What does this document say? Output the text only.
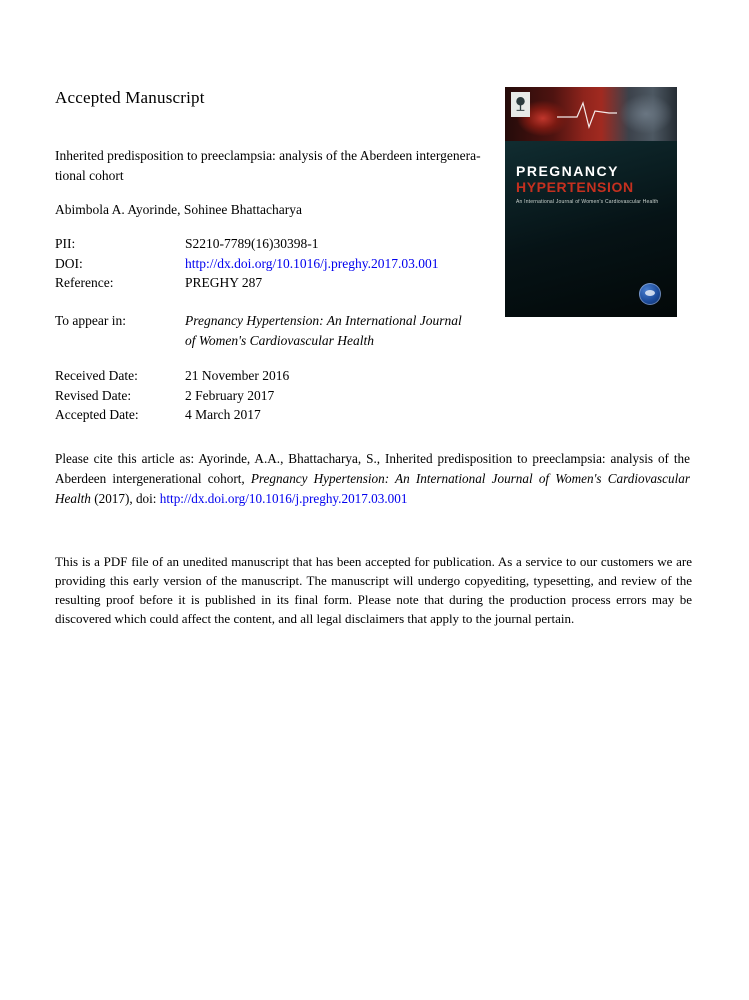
Accepted Manuscript
PREGNANCY
HYPERTENSION
An International Journal of Women's Cardiovascular Health
Inherited predisposition to preeclampsia: analysis of the Aberdeen intergenera-
tional cohort
Abimbola A. Ayorinde, Sohinee Bhattacharya
PII:	S2210-7789(16)30398-1
DOI:	http://dx.doi.org/10.1016/j.preghy.2017.03.001
Reference:	PREGHY 287
To appear in:	Pregnancy Hypertension: An International Journal
of Women's Cardiovascular Health
Received Date:	21 November 2016
Revised Date:	2 February 2017
Accepted Date:	4 March 2017
Please cite this article as: Ayorinde, A.A., Bhattacharya, S., Inherited predisposition to preeclampsia: analysis of the Aberdeen intergenerational cohort, Pregnancy Hypertension: An International Journal of Women's Cardiovascular Health (2017), doi: http://dx.doi.org/10.1016/j.preghy.2017.03.001
This is a PDF file of an unedited manuscript that has been accepted for publication. As a service to our customers we are providing this early version of the manuscript. The manuscript will undergo copyediting, typesetting, and review of the resulting proof before it is published in its final form. Please note that during the production process errors may be discovered which could affect the content, and all legal disclaimers that apply to the journal pertain.
